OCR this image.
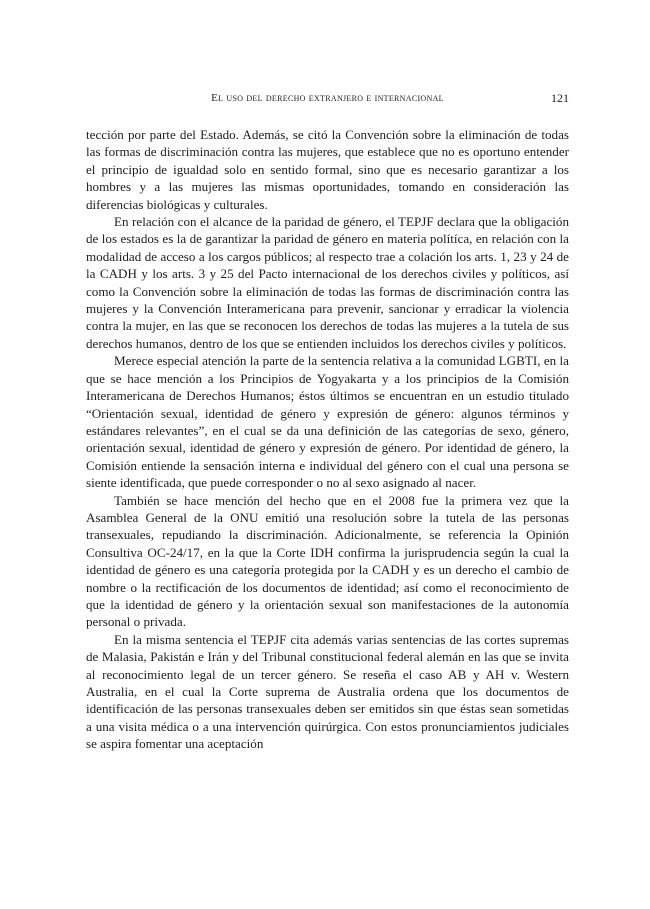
El uso del derecho extranjero e internacional	121

tección por parte del Estado. Además, se citó la Convención sobre la eliminación de todas las formas de discriminación contra las mujeres, que establece que no es oportuno entender el principio de igualdad solo en sentido formal, sino que es necesario garantizar a los hombres y a las mujeres las mismas oportunidades, tomando en consideración las diferencias biológicas y culturales.

En relación con el alcance de la paridad de género, el TEPJF declara que la obligación de los estados es la de garantizar la paridad de género en materia polítíca, en relación con la modalidad de acceso a los cargos públicos; al respecto trae a colación los arts. 1, 23 y 24 de la CADH y los arts. 3 y 25 del Pacto internacional de los derechos civiles y políticos, así como la Convención sobre la eliminación de todas las formas de discriminación contra las mujeres y la Convención Interamericana para prevenir, sancionar y erradicar la violencia contra la mujer, en las que se reconocen los derechos de todas las mujeres a la tutela de sus derechos humanos, dentro de los que se entienden incluidos los derechos civiles y políticos.

Merece especial atención la parte de la sentencia relativa a la comunidad LGBTI, en la que se hace mención a los Principios de Yogyakarta y a los principios de la Comisión Interamericana de Derechos Humanos; éstos últimos se encuentran en un estudio titulado “Orientación sexual, identidad de género y expresión de género: algunos términos y estándares relevantes”, en el cual se da una definición de las categorías de sexo, género, orientación sexual, identidad de género y expresión de género. Por identidad de género, la Comisión entiende la sensación interna e individual del género con el cual una persona se siente identificada, que puede corresponder o no al sexo asignado al nacer.

También se hace mención del hecho que en el 2008 fue la primera vez que la Asamblea General de la ONU emitió una resolución sobre la tutela de las personas transexuales, repudiando la discriminación. Adicionalmente, se referencia la Opinión Consultiva OC-24/17, en la que la Corte IDH confirma la jurisprudencia según la cual la identidad de género es una categoría protegida por la CADH y es un derecho el cambio de nombre o la rectificación de los documentos de identidad; así como el reconocimiento de que la identidad de género y la orientación sexual son manifestaciones de la autonomía personal o privada.

En la misma sentencia el TEPJF cita además varias sentencias de las cortes supremas de Malasia, Pakistán e Irán y del Tribunal constitucional federal alemán en las que se invita al reconocimiento legal de un tercer género. Se reseña el caso AB y AH v. Western Australia, en el cual la Corte suprema de Australia ordena que los documentos de identificación de las personas transexuales deben ser emitidos sin que éstas sean sometidas a una visita médica o a una intervención quirúrgica. Con estos pronunciamientos judiciales se aspira fomentar una aceptación
